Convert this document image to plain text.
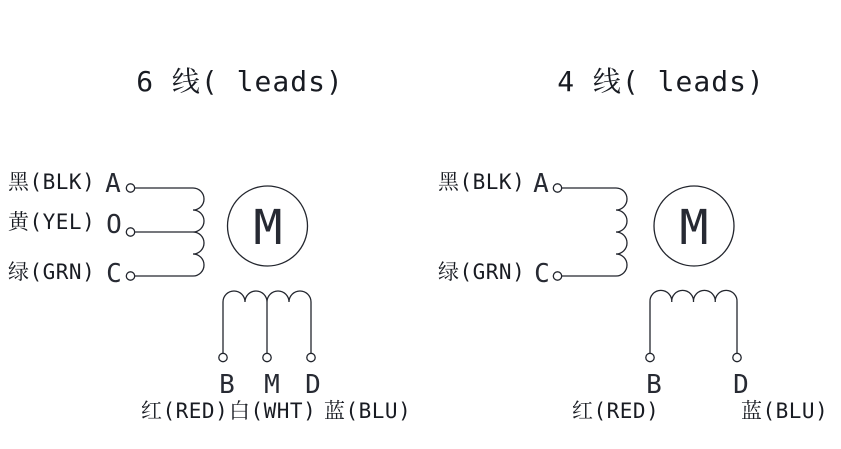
M	M
6 线( leads)
黑(BLK)
黄(YEL)
绿(GRN)
A
O
C
B M D
红(RED) 白(WHT) 蓝(BLU)
4 线( leads)
黑(BLK)
绿(GRN)
A
C
B	D
红(RED)	蓝(BLU)
